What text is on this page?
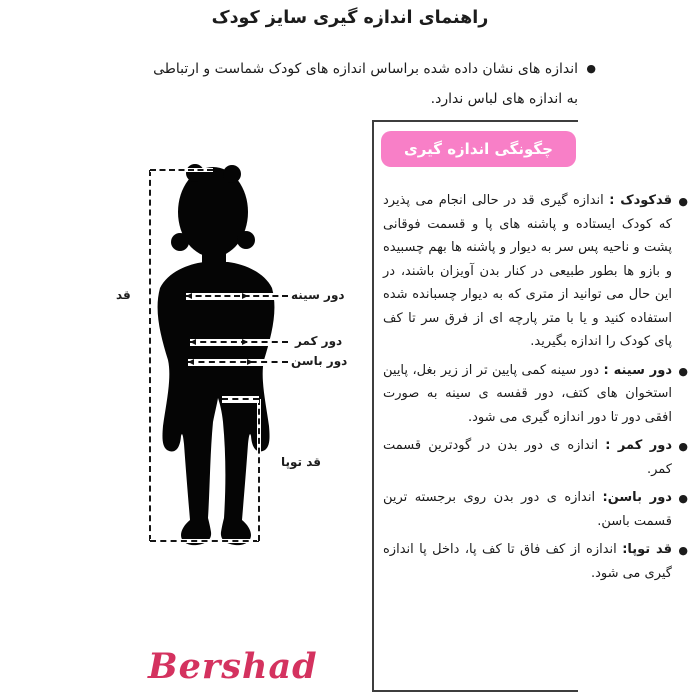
راهنمای اندازه گیری سایز کودک
●
اندازه های نشان داده شده براساس اندازه های کودک شماست و ارتباطی
به اندازه های لباس ندارد.
قد	دور سینه
دور کمر
دور باسن
قد توپا
چگونگی اندازه گیری
●
قدکودک : اندازه گیری قد در حالی انجام می پذیرد که کودک ایستاده و پاشنه های پا و قسمت فوقانی پشت و ناحیه پس سر به دیوار و پاشنه ها بهم چسبیده و بازو ها بطور طبیعی در کنار بدن آویزان باشند، در این حال می توانید از متری که به دیوار چسبانده شده استفاده کنید و یا با متر پارچه ای از فرق سر تا کف پای کودک را اندازه بگیرید.
●
دور سینه : دور سینه کمی پایین تر از زیر بغل، پایین استخوان های کتف، دور قفسه ی سینه به صورت افقی دور تا دور اندازه گیری می شود.
●
دور کمر : اندازه ی دور بدن در گودترین قسمت کمر.
●
دور باسن: اندازه ی دور بدن روی برجسته ترین قسمت باسن.
●
قد توپا: اندازه از کف فاق تا کف پا، داخل پا اندازه گیری می شود.
Bershad
